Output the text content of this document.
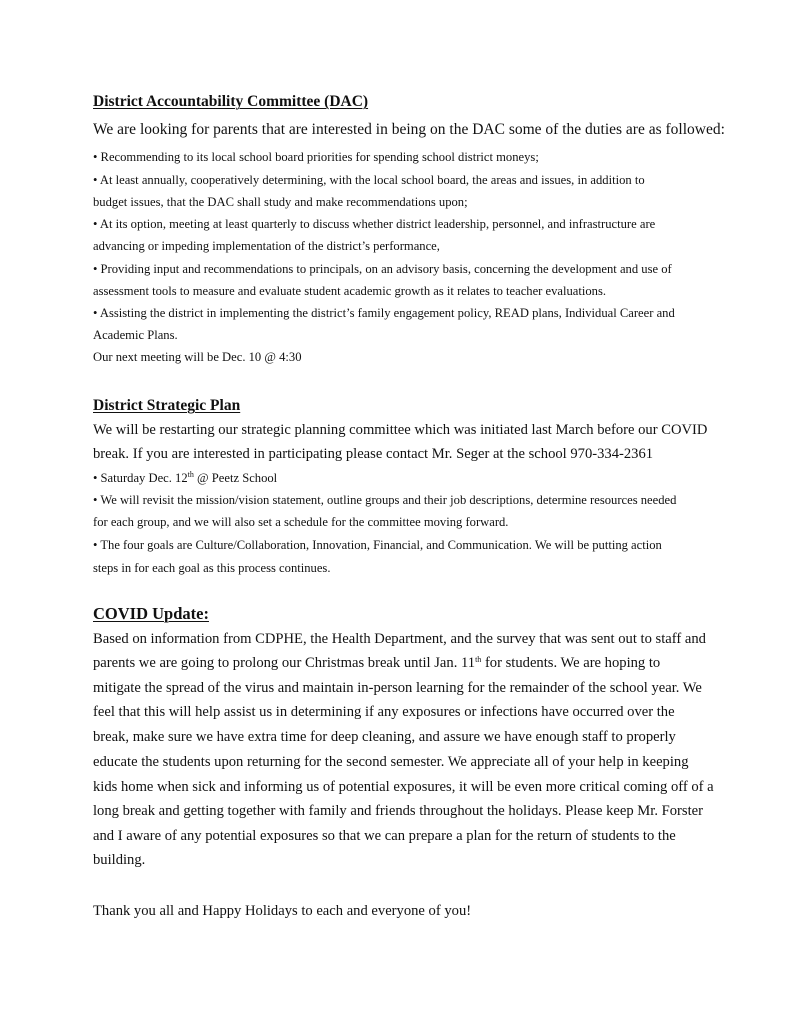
District Accountability Committee (DAC)
We are looking for parents that are interested in being on the DAC some of the duties are as followed:
• Recommending to its local school board priorities for spending school district moneys;
• At least annually, cooperatively determining, with the local school board, the areas and issues, in addition to
budget issues, that the DAC shall study and make recommendations upon;
• At its option, meeting at least quarterly to discuss whether district leadership, personnel, and infrastructure are
advancing or impeding implementation of the district’s performance,
• Providing input and recommendations to principals, on an advisory basis, concerning the development and use of
assessment tools to measure and evaluate student academic growth as it relates to teacher evaluations.
• Assisting the district in implementing the district’s family engagement policy, READ plans, Individual Career and
Academic Plans.
Our next meeting will be Dec. 10 @ 4:30
District Strategic Plan
We will be restarting our strategic planning committee which was initiated last March before our COVID
break. If you are interested in participating please contact Mr. Seger at the school 970-334-2361
• Saturday Dec. 12th @ Peetz School
• We will revisit the mission/vision statement, outline groups and their job descriptions, determine resources needed
for each group, and we will also set a schedule for the committee moving forward.
• The four goals are Culture/Collaboration, Innovation, Financial, and Communication. We will be putting action
steps in for each goal as this process continues.
COVID Update:
Based on information from CDPHE, the Health Department, and the survey that was sent out to staff and
parents we are going to prolong our Christmas break until Jan. 11th for students. We are hoping to
mitigate the spread of the virus and maintain in-person learning for the remainder of the school year. We
feel that this will help assist us in determining if any exposures or infections have occurred over the
break, make sure we have extra time for deep cleaning, and assure we have enough staff to properly
educate the students upon returning for the second semester. We appreciate all of your help in keeping
kids home when sick and informing us of potential exposures, it will be even more critical coming off of a
long break and getting together with family and friends throughout the holidays. Please keep Mr. Forster
and I aware of any potential exposures so that we can prepare a plan for the return of students to the
building.
Thank you all and Happy Holidays to each and everyone of you!
